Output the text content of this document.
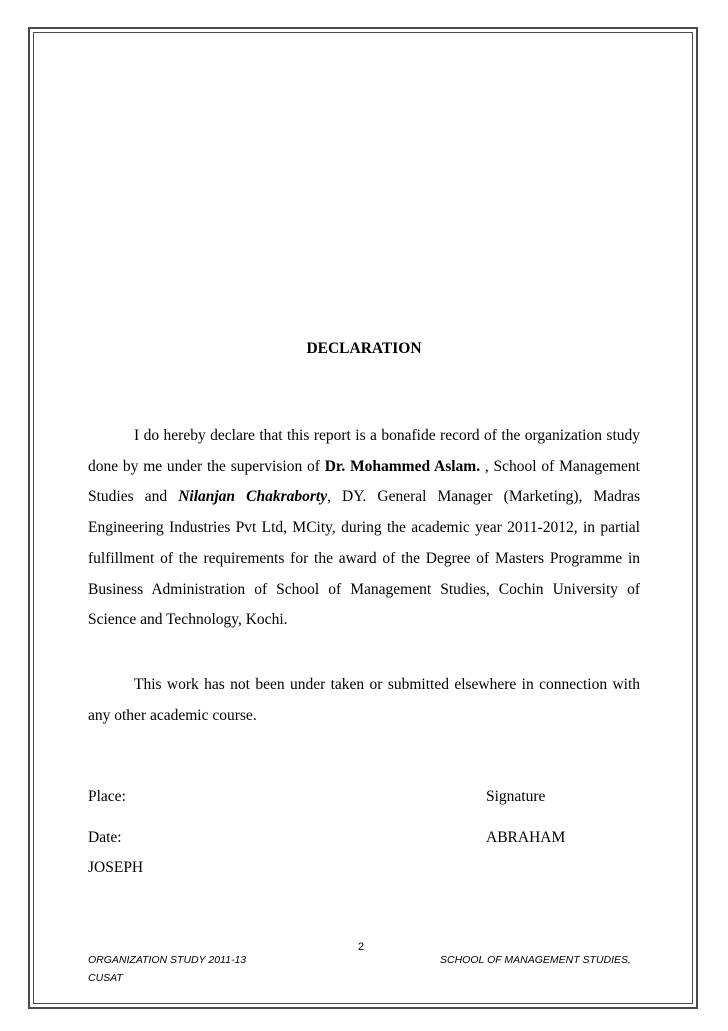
DECLARATION

I do hereby declare that this report is a bonafide record of the organization study done by me under the supervision of Dr. Mohammed Aslam. , School of Management Studies and Nilanjan Chakraborty, DY. General Manager (Marketing), Madras Engineering Industries Pvt Ltd, MCity, during the academic year 2011-2012, in partial fulfillment of the requirements for the award of the Degree of Masters Programme in Business Administration of School of Management Studies, Cochin University of Science and Technology, Kochi.

This work has not been under taken or submitted elsewhere in connection with any other academic course.

Place:	Signature
Date:	ABRAHAM
JOSEPH
2
ORGANIZATION STUDY 2011-13
CUSAT
SCHOOL OF MANAGEMENT STUDIES,
